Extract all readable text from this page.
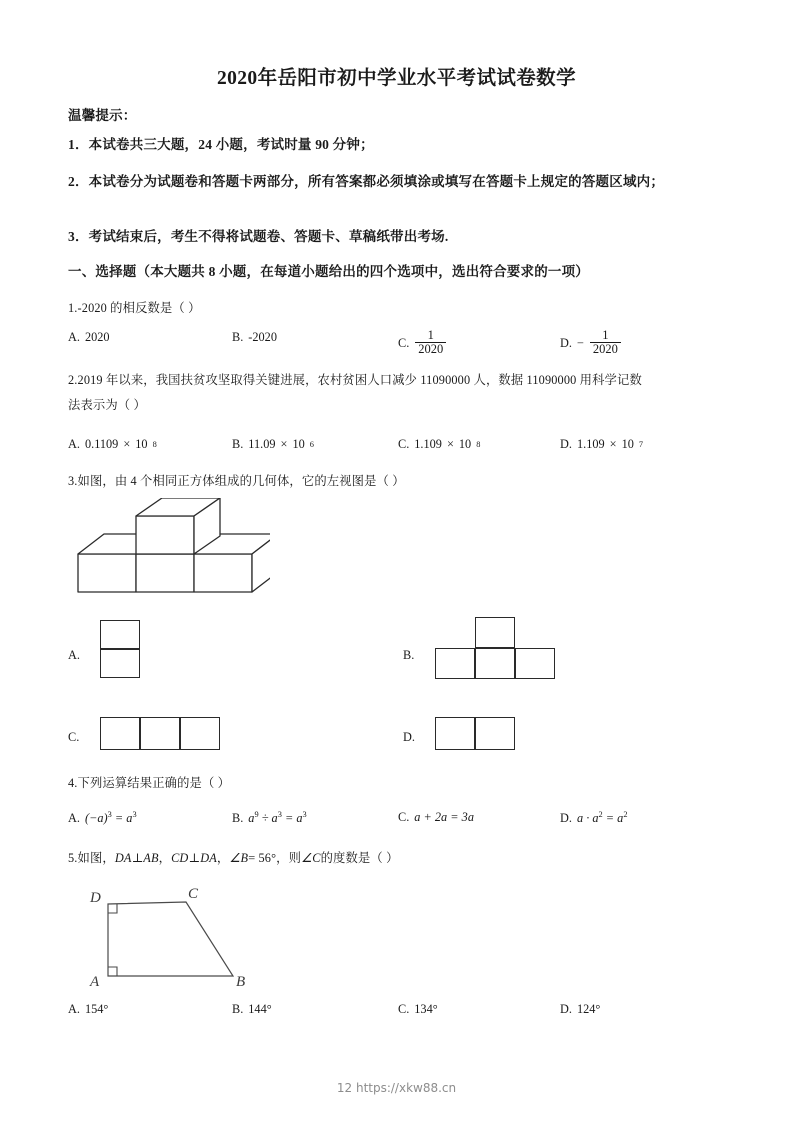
2020年岳阳市初中学业水平考试试卷数学
温馨提示：
1．本试卷共三大题，24 小题，考试时量 90 分钟；
2．本试卷分为试题卷和答题卡两部分，所有答案都必须填涂或填写在答题卡上规定的答题区域内；
3．考试结束后，考生不得将试题卷、答题卡、草稿纸带出考场.
一、选择题（本大题共 8 小题，在每道小题给出的四个选项中，选出符合要求的一项）
1.-2020 的相反数是（ ）
A. 2020	B. -2020	C. $\frac{1}{2020}$	D. − $\frac{1}{2020}$
2.2019 年以来，我国扶贫攻坚取得关键进展，农村贫困人口减少 11090000 人，数据 11090000 用科学记数
法表示为（ ）
A. 0.1109 × 10 8	B. 11.09 × 10 6	C. 1.109 × 10 8	D. 1.109 × 10 7
3.如图，由 4 个相同正方体组成的几何体，它的左视图是（ ）
A.	B.
C.	D.
4.下列运算结果正确的是（ ）
A. $(-a)^3 = a^3$	B. $a^9 \div a^3 = a^3$	C. a + 2a = 3a	D. $a \cdot a^2 = a^2$
5.如图，DA⊥AB，CD⊥DA，∠B= 56°，则∠C的度数是（ ）
D	C
A	B
A. 154°	B. 144°	C. 134°	D. 124°
12 https://xkw88.cn
